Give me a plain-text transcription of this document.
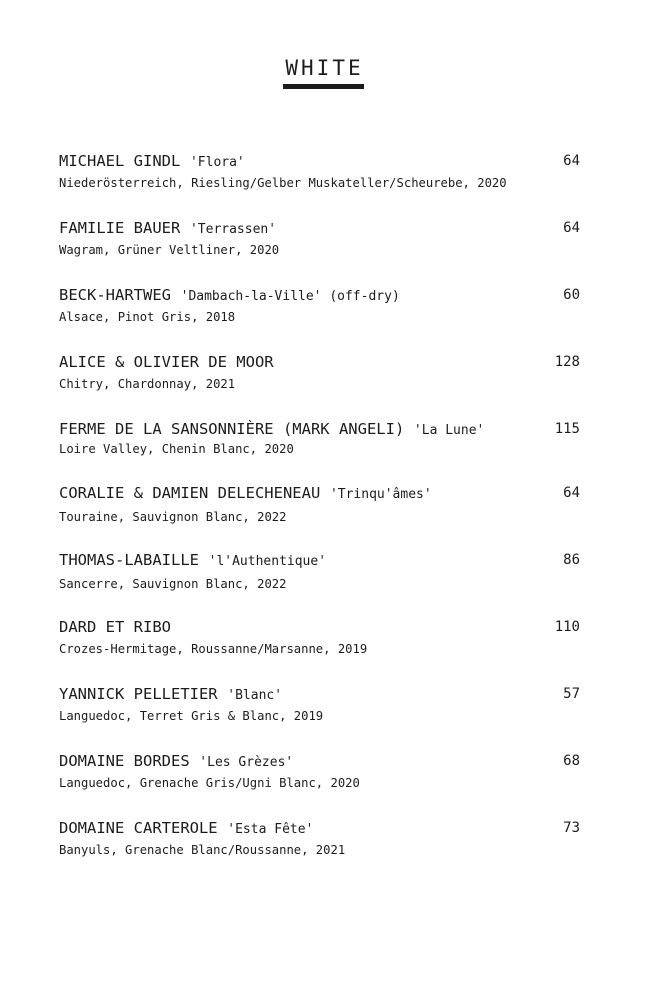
WHITE
MICHAEL GINDL 'Flora'	64
Niederösterreich, Riesling/Gelber Muskateller/Scheurebe, 2020
FAMILIE BAUER 'Terrassen'	64
Wagram, Grüner Veltliner, 2020
BECK-HARTWEG 'Dambach-la-Ville' (off-dry)	60
Alsace, Pinot Gris, 2018
ALICE & OLIVIER DE MOOR	128
Chitry, Chardonnay, 2021
FERME DE LA SANSONNIÈRE (MARK ANGELI) 'La Lune'	115
Loire Valley, Chenin Blanc, 2020
CORALIE & DAMIEN DELECHENEAU 'Trinqu'âmes'	64
Touraine, Sauvignon Blanc, 2022
THOMAS-LABAILLE 'l'Authentique'	86
Sancerre, Sauvignon Blanc, 2022
DARD ET RIBO	110
Crozes-Hermitage, Roussanne/Marsanne, 2019
YANNICK PELLETIER 'Blanc'	57
Languedoc, Terret Gris & Blanc, 2019
DOMAINE BORDES 'Les Grèzes'	68
Languedoc, Grenache Gris/Ugni Blanc, 2020
DOMAINE CARTEROLE 'Esta Fête'	73
Banyuls, Grenache Blanc/Roussanne, 2021
